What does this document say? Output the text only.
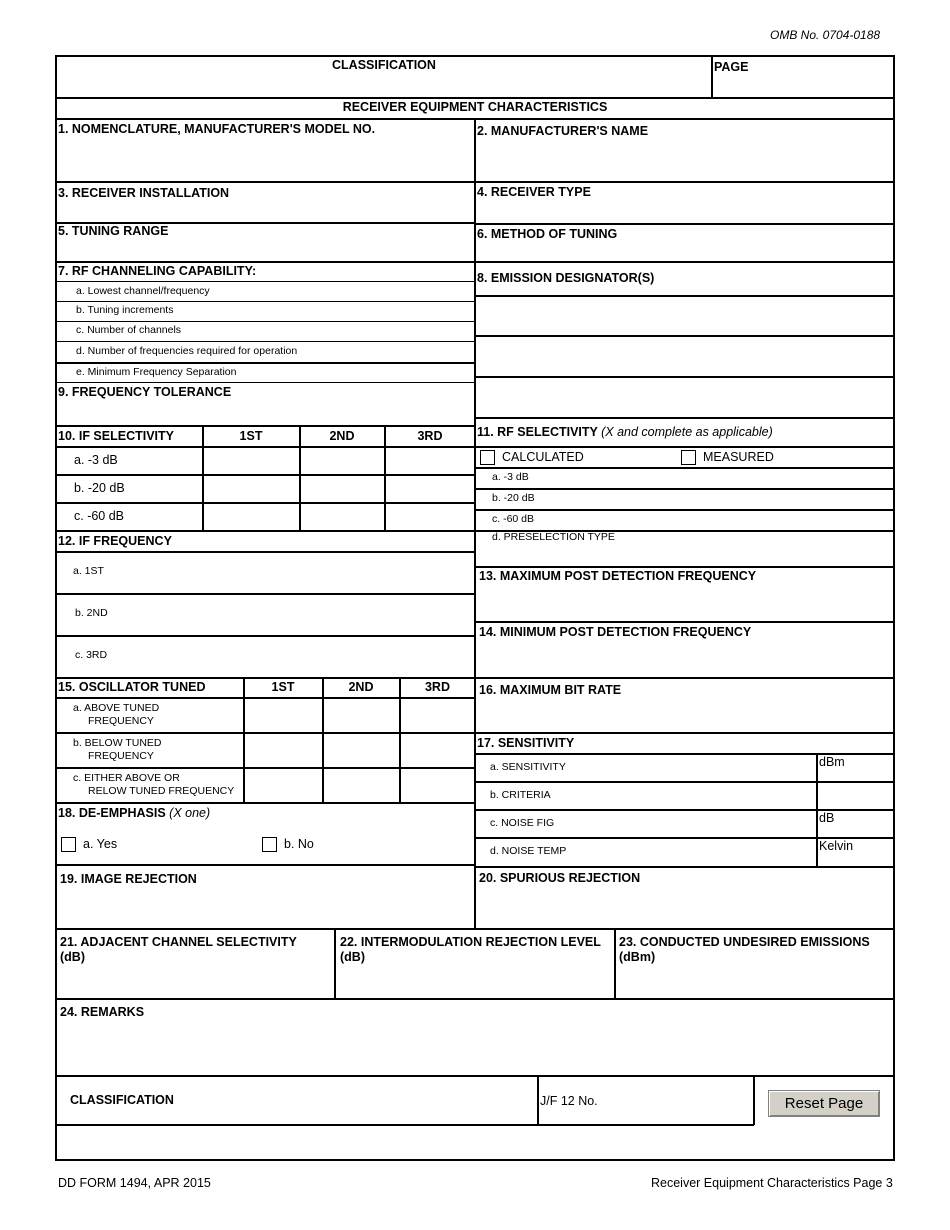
OMB No. 0704-0188
CLASSIFICATION	PAGE
RECEIVER EQUIPMENT CHARACTERISTICS
1. NOMENCLATURE, MANUFACTURER'S MODEL NO.	2. MANUFACTURER'S NAME
3. RECEIVER INSTALLATION	4. RECEIVER TYPE
5. TUNING RANGE	6. METHOD OF TUNING
7. RF CHANNELING CAPABILITY:
a. Lowest channel/frequency
b. Tuning increments
c. Number of channels
d. Number of frequencies required for operation
e. Minimum Frequency Separation
8. EMISSION DESIGNATOR(S)
9. FREQUENCY TOLERANCE
10. IF SELECTIVITY	1ST	2ND	3RD
a. -3 dB
b. -20 dB
c. -60 dB
11. RF SELECTIVITY (X and complete as applicable)
CALCULATED	MEASURED
a. -3 dB
b. -20 dB
c. -60 dB
d. PRESELECTION TYPE
12. IF FREQUENCY
a. 1ST
b. 2ND
c. 3RD
13. MAXIMUM POST DETECTION FREQUENCY
14. MINIMUM POST DETECTION FREQUENCY
15. OSCILLATOR TUNED	1ST	2ND	3RD
a. ABOVE TUNED
FREQUENCY
b. BELOW TUNED
FREQUENCY
c. EITHER ABOVE OR
RELOW TUNED FREQUENCY
16. MAXIMUM BIT RATE
17. SENSITIVITY
a. SENSITIVITY	dBm
b. CRITERIA
c. NOISE FIG	dB
d. NOISE TEMP	Kelvin
18. DE-EMPHASIS (X one)
a. Yes	b. No
19. IMAGE REJECTION	20. SPURIOUS REJECTION
21. ADJACENT CHANNEL SELECTIVITY
(dB)
22. INTERMODULATION REJECTION LEVEL
(dB)
23. CONDUCTED UNDESIRED EMISSIONS
(dBm)
24. REMARKS
CLASSIFICATION	J/F 12 No.	Reset Page
DD FORM 1494, APR 2015	Receiver Equipment Characteristics Page 3
